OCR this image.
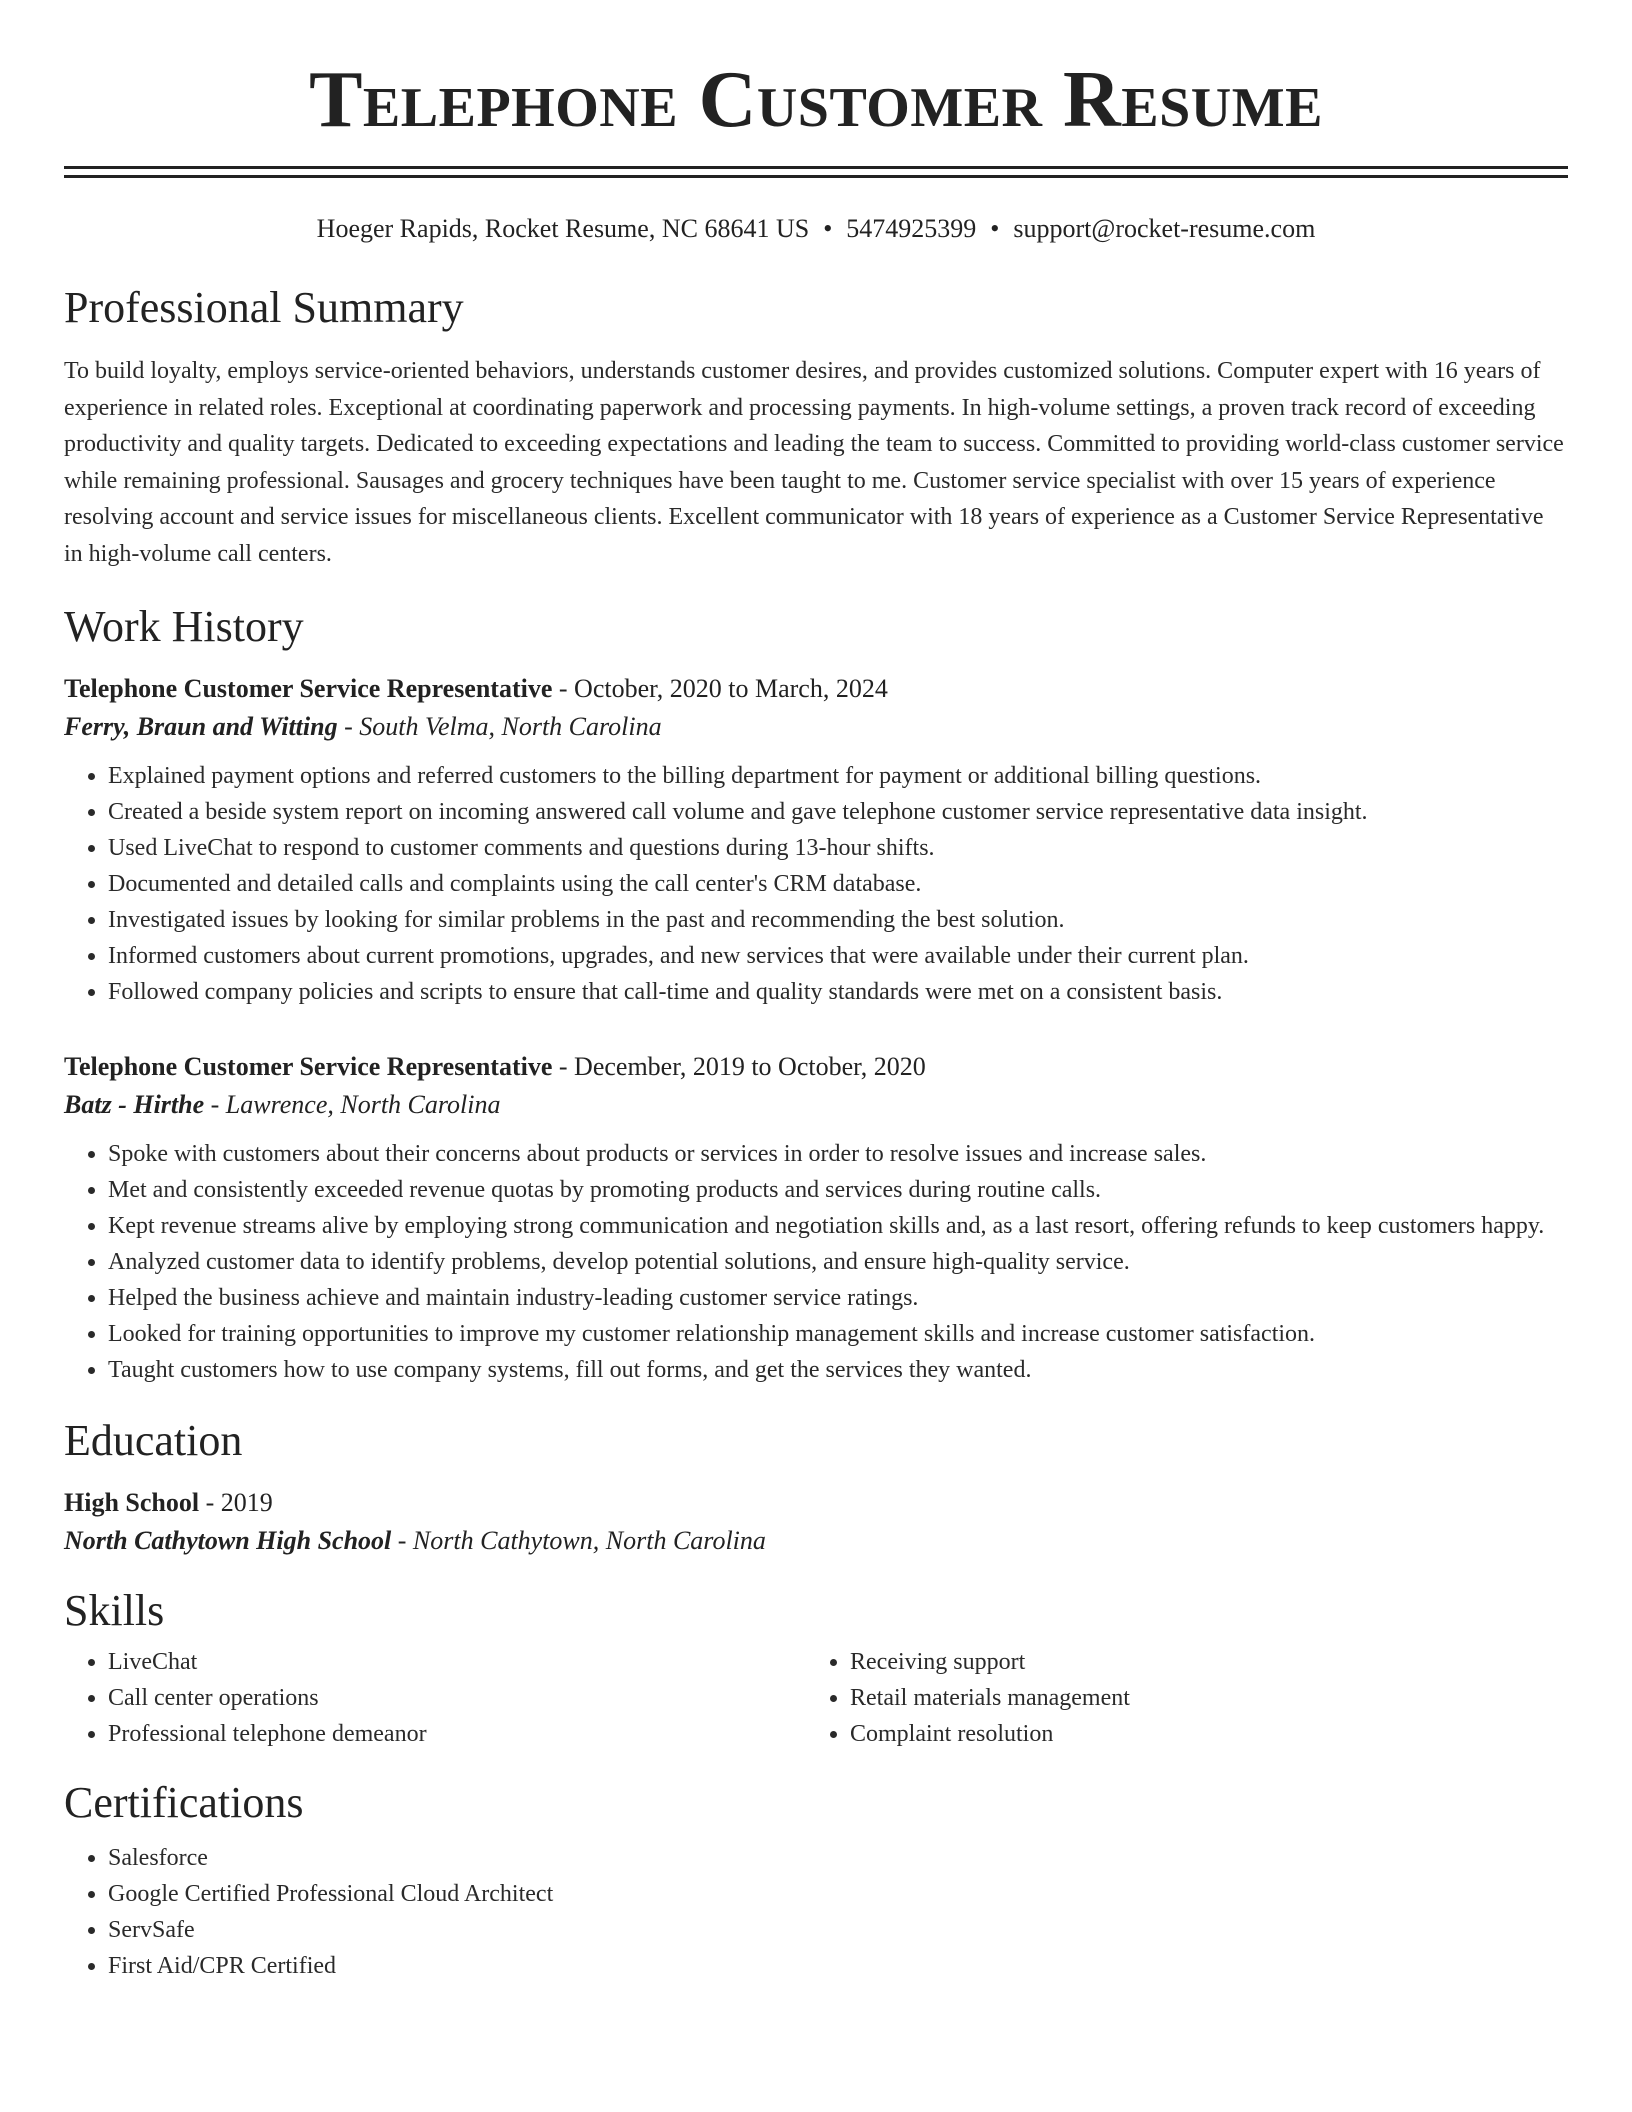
Telephone Customer Resume
Hoeger Rapids, Rocket Resume, NC 68641 US • 5474925399 • support@rocket-resume.com
Professional Summary

To build loyalty, employs service-oriented behaviors, understands customer desires, and provides customized solutions. Computer expert with 16 years of experience in related roles. Exceptional at coordinating paperwork and processing payments. In high-volume settings, a proven track record of exceeding productivity and quality targets. Dedicated to exceeding expectations and leading the team to success. Committed to providing world-class customer service while remaining professional. Sausages and grocery techniques have been taught to me. Customer service specialist with over 15 years of experience resolving account and service issues for miscellaneous clients. Excellent communicator with 18 years of experience as a Customer Service Representative in high-volume call centers.

Work History

Telephone Customer Service Representative - October, 2020 to March, 2024

Ferry, Braun and Witting - South Velma, North Carolina

• Explained payment options and referred customers to the billing department for payment or additional billing questions.
• Created a beside system report on incoming answered call volume and gave telephone customer service representative data insight.
• Used LiveChat to respond to customer comments and questions during 13-hour shifts.
• Documented and detailed calls and complaints using the call center's CRM database.
• Investigated issues by looking for similar problems in the past and recommending the best solution.
• Informed customers about current promotions, upgrades, and new services that were available under their current plan.
• Followed company policies and scripts to ensure that call-time and quality standards were met on a consistent basis.

Telephone Customer Service Representative - December, 2019 to October, 2020

Batz - Hirthe - Lawrence, North Carolina

• Spoke with customers about their concerns about products or services in order to resolve issues and increase sales.
• Met and consistently exceeded revenue quotas by promoting products and services during routine calls.
• Kept revenue streams alive by employing strong communication and negotiation skills and, as a last resort, offering refunds to keep customers happy.
• Analyzed customer data to identify problems, develop potential solutions, and ensure high-quality service.
• Helped the business achieve and maintain industry-leading customer service ratings.
• Looked for training opportunities to improve my customer relationship management skills and increase customer satisfaction.
• Taught customers how to use company systems, fill out forms, and get the services they wanted.
Education

High School - 2019

North Cathytown High School - North Cathytown, North Carolina

Skills
• LiveChat
• Call center operations
• Professional telephone demeanor
• Receiving support
• Retail materials management
• Complaint resolution
Certifications
• Salesforce
• Google Certified Professional Cloud Architect
• ServSafe
• First Aid/CPR Certified
